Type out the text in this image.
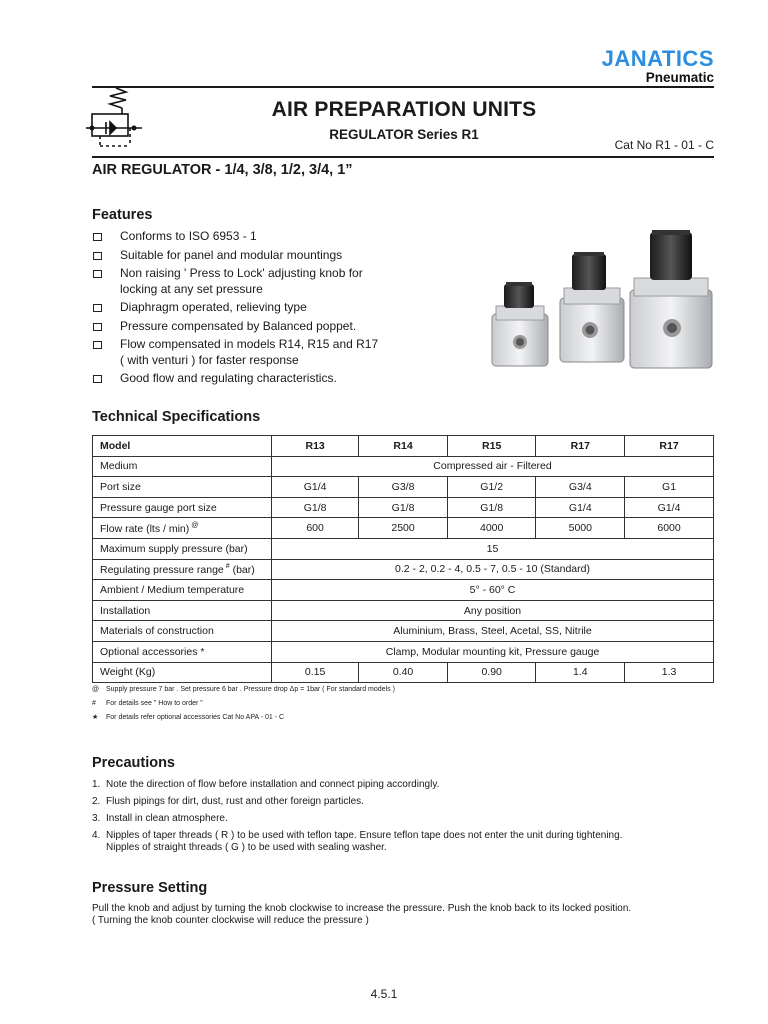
JANATICS
Pneumatic
AIR PREPARATION UNITS
REGULATOR Series R1
Cat No R1 - 01 - C
AIR REGULATOR - 1/4, 3/8, 1/2, 3/4, 1”
Features
Conforms to ISO 6953 - 1
Suitable for panel and modular mountings
Non raising ' Press to Lock' adjusting knob for
locking at any set pressure
Diaphragm operated, relieving type
Pressure compensated by Balanced poppet.
Flow compensated in models R14, R15 and R17
( with venturi ) for faster response
Good flow and regulating characteristics.
Technical Specifications
Model	R13	R14	R15	R17	R17
Medium	Compressed air - Filtered				
Port size	G1/4	G3/8	G1/2	G3/4	G1
Pressure gauge port size	G1/8	G1/8	G1/8	G1/4	G1/4
Flow rate (lts / min) @	600	2500	4000	5000	6000
Maximum supply pressure (bar)	15				
Regulating pressure range # (bar)	0.2 - 2, 0.2 - 4, 0.5 - 7, 0.5 - 10 (Standard)				
Ambient / Medium temperature	5° - 60° C				
Installation	Any position				
Materials of construction	Aluminium, Brass, Steel, Acetal, SS, Nitrile				
Optional accessories *	Clamp, Modular mounting kit, Pressure gauge				
Weight (Kg)	0.15	0.40	0.90	1.4	1.3
@ Supply pressure 7 bar . Set pressure 6 bar . Pressure drop Δp = 1bar ( For standard models )
# For details see " How to order "
★ For details refer optional accessories Cat No APA - 01 - C
Precautions
1. Note the direction of flow before installation and connect piping accordingly.
2. Flush pipings for dirt, dust, rust and other foreign particles.
3. Install in clean atmosphere.
4. Nipples of taper threads ( R ) to be used with teflon tape. Ensure teflon tape does not enter the unit during tightening.
Nipples of straight threads ( G ) to be used with sealing washer.
Pressure Setting
Pull the knob and adjust by turning the knob clockwise to increase the pressure. Push the knob back to its locked position.
( Turning the knob counter clockwise will reduce the pressure )
4.5.1
